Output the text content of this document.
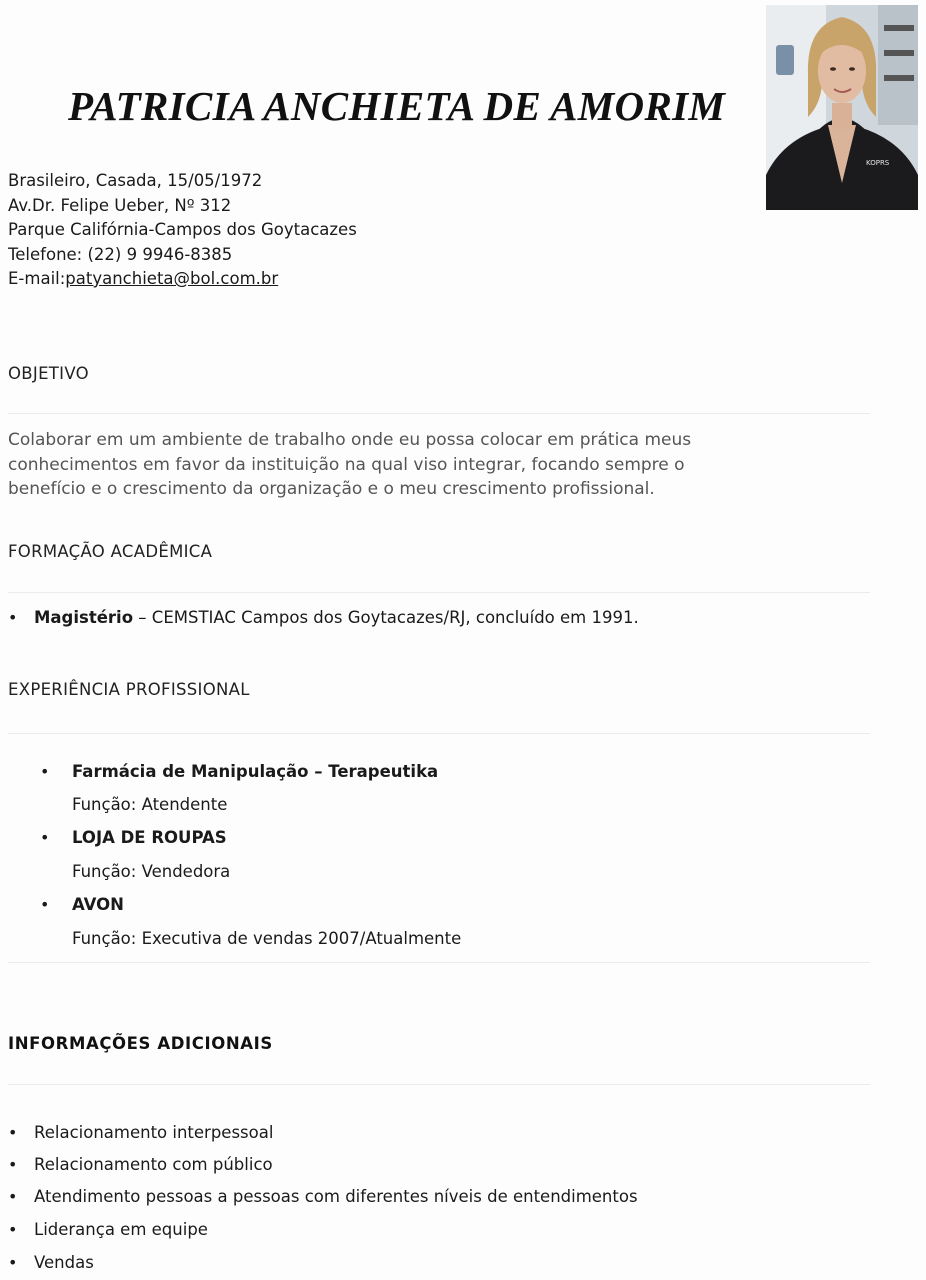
PATRICIA ANCHIETA DE AMORIM
KOPRS
Brasileiro, Casada, 15/05/1972
Av.Dr. Felipe Ueber, Nº 312
Parque Califórnia-Campos dos Goytacazes
Telefone: (22) 9 9946-8385
E-mail:patyanchieta@bol.com.br
OBJETIVO
Colaborar em um ambiente de trabalho onde eu possa colocar em prática meus
conhecimentos em favor da instituição na qual viso integrar, focando sempre o
benefício e o crescimento da organização e o meu crescimento profissional.
FORMAÇÃO ACADÊMICA
• Magistério – CEMSTIAC Campos dos Goytacazes/RJ, concluído em 1991.
EXPERIÊNCIA PROFISSIONAL
• Farmácia de Manipulação – Terapeutika
Função: Atendente
• LOJA DE ROUPAS
Função: Vendedora
• AVON
Função: Executiva de vendas 2007/Atualmente
INFORMAÇÕES ADICIONAIS
• Relacionamento interpessoal
• Relacionamento com público
• Atendimento pessoas a pessoas com diferentes níveis de entendimentos
• Liderança em equipe
• Vendas
